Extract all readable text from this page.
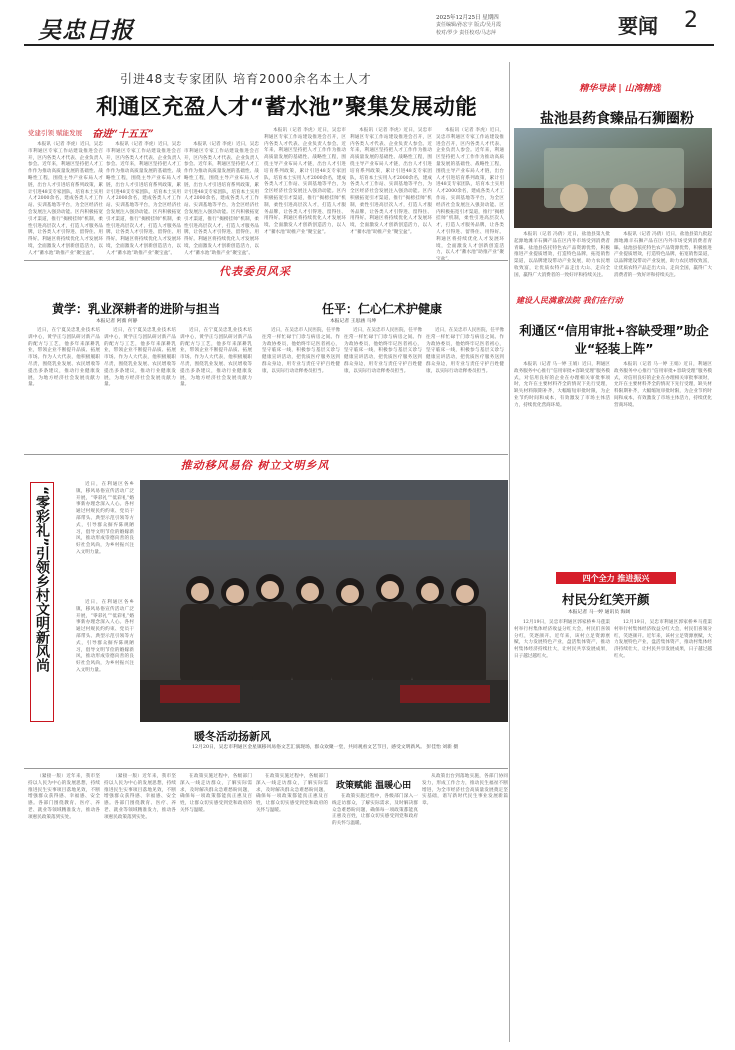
吴忠日报	2025年12月25日 星期四
责任编辑/孙宏宇 版式/吴月霞
校对/罗少 责任校对/马志萍	要闻 2
引进48支专家团队 培育2000余名本土人才
利通区充盈人才“蓄水池”聚集发展动能
党建引领 赋能发展 奋进“十五五”

本报讯（记者 李虎）近日，吴忠市利通区专家工作站建设推进会召开，区内各类人才代表、企业负责人参会。近年来，利通区坚持把人才工作作为推动高质量发展的基础性、战略性工程，围绕主导产业布局人才链，出台人才引进培育系列政策，累计引进48支专家团队，培育本土实用人才2000余名，建成各类人才工作站、实训基地等平台，为全区经济社会发展注入强劲动能。区内积极拓宽引才渠道，推行“揭榜挂帅”机制，柔性引进高层次人才，打造人才服务品牌，让各类人才引得进、留得住、用得好。利通区将持续优化人才发展环境，全面激发人才创新创造活力，以人才“蓄水池”助推产业“聚宝盆”。

本报讯（记者 李虎）近日，吴忠市利通区专家工作站建设推进会召开，区内各类人才代表、企业负责人参会。近年来，利通区坚持把人才工作作为推动高质量发展的基础性、战略性工程，围绕主导产业布局人才链，出台人才引进培育系列政策，累计引进48支专家团队，培育本土实用人才2000余名，建成各类人才工作站、实训基地等平台，为全区经济社会发展注入强劲动能。区内积极拓宽引才渠道，推行“揭榜挂帅”机制，柔性引进高层次人才，打造人才服务品牌，让各类人才引得进、留得住、用得好。利通区将持续优化人才发展环境，全面激发人才创新创造活力，以人才“蓄水池”助推产业“聚宝盆”。

本报讯（记者 李虎）近日，吴忠市利通区专家工作站建设推进会召开，区内各类人才代表、企业负责人参会。近年来，利通区坚持把人才工作作为推动高质量发展的基础性、战略性工程，围绕主导产业布局人才链，出台人才引进培育系列政策，累计引进48支专家团队，培育本土实用人才2000余名，建成各类人才工作站、实训基地等平台，为全区经济社会发展注入强劲动能。区内积极拓宽引才渠道，推行“揭榜挂帅”机制，柔性引进高层次人才，打造人才服务品牌，让各类人才引得进、留得住、用得好。利通区将持续优化人才发展环境，全面激发人才创新创造活力，以人才“蓄水池”助推产业“聚宝盆”。

本报讯（记者 李虎）近日，吴忠市利通区专家工作站建设推进会召开，区内各类人才代表、企业负责人参会。近年来，利通区坚持把人才工作作为推动高质量发展的基础性、战略性工程，围绕主导产业布局人才链，出台人才引进培育系列政策，累计引进48支专家团队，培育本土实用人才2000余名，建成各类人才工作站、实训基地等平台，为全区经济社会发展注入强劲动能。区内积极拓宽引才渠道，推行“揭榜挂帅”机制，柔性引进高层次人才，打造人才服务品牌，让各类人才引得进、留得住、用得好。利通区将持续优化人才发展环境，全面激发人才创新创造活力，以人才“蓄水池”助推产业“聚宝盆”。

本报讯（记者 李虎）近日，吴忠市利通区专家工作站建设推进会召开，区内各类人才代表、企业负责人参会。近年来，利通区坚持把人才工作作为推动高质量发展的基础性、战略性工程，围绕主导产业布局人才链，出台人才引进培育系列政策，累计引进48支专家团队，培育本土实用人才2000余名，建成各类人才工作站、实训基地等平台，为全区经济社会发展注入强劲动能。区内积极拓宽引才渠道，推行“揭榜挂帅”机制，柔性引进高层次人才，打造人才服务品牌，让各类人才引得进、留得住、用得好。利通区将持续优化人才发展环境，全面激发人才创新创造活力，以人才“蓄水池”助推产业“聚宝盆”。

本报讯（记者 李虎）近日，吴忠市利通区专家工作站建设推进会召开，区内各类人才代表、企业负责人参会。近年来，利通区坚持把人才工作作为推动高质量发展的基础性、战略性工程，围绕主导产业布局人才链，出台人才引进培育系列政策，累计引进48支专家团队，培育本土实用人才2000余名，建成各类人才工作站、实训基地等平台，为全区经济社会发展注入强劲动能。区内积极拓宽引才渠道，推行“揭榜挂帅”机制，柔性引进高层次人才，打造人才服务品牌，让各类人才引得进、留得住、用得好。利通区将持续优化人才发展环境，全面激发人才创新创造活力，以人才“蓄水池”助推产业“聚

精华导读 | 山湾精选
盐池县药食臻品石狮圈粉

本报讯（记者 冯倩）近日，盐池县第九批起源地滩羊石狮产品在区内外市场受到消费者青睐。盐池县依托特色农产品资源优势，积极推进产业提质增效，打造特色品牌，拓宽销售渠道，以品牌建设带动产业发展，助力农民增收致富，让优质农特产品走出大山、走向全国，赢得广大消费者的一致好评和持续关注。

本报讯（记者 冯倩）近日，盐池县第九批起源地滩羊石狮产品在区内外市场受到消费者青睐。盐池县依托特色农产品资源优势，积极推进产业提质增效，打造特色品牌，拓宽销售渠道，以品牌建设带动产业发展，助力农民增收致富，让优质农特产品走出大山、走向全国，赢得广大消费者的一致好评和持续关注。

代表委员风采
黄学：乳业深耕者的进阶与担当
本报记者 阿薇 何静

近日，在宁夏吴忠乳业技术培训中心，黄学正与团队研讨新产品的配方与工艺，他多年来深耕乳业，带领企业不断提升品质、拓展市场。作为人大代表，他积极履职尽责，围绕乳业发展、农民增收等提出多条建议，推动行业健康发展，为地方经济社会发展贡献力量。

近日，在宁夏吴忠乳业技术培训中心，黄学正与团队研讨新产品的配方与工艺，他多年来深耕乳业，带领企业不断提升品质、拓展市场。作为人大代表，他积极履职尽责，围绕乳业发展、农民增收等提出多条建议，推动行业健康发展，为地方经济社会发展贡献力量。

近日，在宁夏吴忠乳业技术培训中心，黄学正与团队研讨新产品的配方与工艺，他多年来深耕乳业，带领企业不断提升品质、拓展市场。作为人大代表，他积极履职尽责，围绕乳业发展、农民增收等提出多条建议，推动行业健康发展，为地方经济社会发展贡献力量。

任平：仁心仁术护健康
本报记者 王思涵 马坤

近日，在吴忠市人民医院，任平像往常一样忙碌于门诊与病房之间。作为政协委员，他始终牢记医者初心，坚守临床一线，积极参与基层义诊与健康宣讲活动，把优质医疗服务送到群众身边，用专业与责任守护百姓健康，以实际行动诠释委员担当。

近日，在吴忠市人民医院，任平像往常一样忙碌于门诊与病房之间。作为政协委员，他始终牢记医者初心，坚守临床一线，积极参与基层义诊与健康宣讲活动，把优质医疗服务送到群众身边，用专业与责任守护百姓健康，以实际行动诠释委员担当。

近日，在吴忠市人民医院，任平像往常一样忙碌于门诊与病房之间。作为政协委员，他始终牢记医者初心，坚守临床一线，积极参与基层义诊与健康宣讲活动，把优质医疗服务送到群众身边，用专业与责任守护百姓健康，以实际行动诠释委员担当。

建设人民满意法院 我们在行动
利通区“信用审批+容缺受理”助企业“轻装上阵”

本报讯（记者 马一婷 王娟）近日，利通区政务服务中心推行“信用审批+容缺受理”服务模式，对信用良好的企业在办理相关审批事项时，允许在主要材料齐全的情况下先行受理，缺失材料限期补齐，大幅缩短审批时限，为企业节约时间和成本，有效激发了市场主体活力，持续优化营商环境。

本报讯（记者 马一婷 王娟）近日，利通区政务服务中心推行“信用审批+容缺受理”服务模式，对信用良好的企业在办理相关审批事项时，允许在主要材料齐全的情况下先行受理，缺失材料限期补齐，大幅缩短审批时限，为企业节约时间和成本，有效激发了市场主体活力，持续优化营商环境。

推动移风易俗 树立文明乡风
“零彩礼”引领乡村文明新风尚

近日，在利通区各乡镇，移风易俗宣传活动广泛开展，“零彩礼”“低彩礼”婚事新办理念深入人心。各村通过村规民约约束、党员干部带头、典型示范引领等方式，引导群众摒弃陈规陋习，倡导文明节俭的婚嫁新风，推动形成崇德向善的良好社会风尚，为乡村振兴注入文明力量。

近日，在利通区各乡镇，移风易俗宣传活动广泛开展，“零彩礼”“低彩礼”婚事新办理念深入人心。各村通过村规民约约束、党员干部带头、典型示范引领等方式，引导群众摒弃陈规陋习，倡导文明节俭的婚嫁新风，推动形成崇德向善的良好社会风尚，为乡村振兴注入文明力量。

暖冬活动扬新风
12月20日，吴忠市利通区金星镇移风易俗文艺汇演现场，群众欢聚一堂，共同观看文艺节目，感受文明新风。 彭佳怡 刘新 摄
四个全力 推进振兴
村民分红笑开颜
本报记者 马一婷 通讯员 海阔

12月19日，吴忠市利通区郭家桥乡马莲渠村举行村集体经济收益分红大会，村民们喜领分红，笑逐颜开。近年来，该村立足资源禀赋，大力发展特色产业，盘活集体资产，推动村集体经济持续壮大，让村民共享发展成果，日子越过越红火。

12月19日，吴忠市利通区郭家桥乡马莲渠村举行村集体经济收益分红大会，村民们喜领分红，笑逐颜开。近年来，该村立足资源禀赋，大力发展特色产业，盘活集体资产，推动村集体经济持续壮大，让村民共享发展成果，日子越过越红火。

（紧接一版）近年来，我市坚持以人民为中心的发展思想，持续推进民生实事项目落地见效，不断增强群众获得感、幸福感、安全感。各部门围绕教育、医疗、养老、就业等领域精准发力，推动各项惠民政策落到实处。

（紧接一版）近年来，我市坚持以人民为中心的发展思想，持续推进民生实事项目落地见效，不断增强群众获得感、幸福感、安全感。各部门围绕教育、医疗、养老、就业等领域精准发力，推动各项惠民政策落到实处。

在政策实施过程中，各级部门深入一线走访群众，了解实际需求，及时解决群众急难愁盼问题，确保每一项政策都能真正惠及百姓，让群众切实感受到党和政府的关怀与温暖。

在政策实施过程中，各级部门深入一线走访群众，了解实际需求，及时解决群众急难愁盼问题，确保每一项政策都能真正惠及百姓，让群众切实感受到党和政府的关怀与温暖。

政策赋能 温暖心田

在政策实施过程中，各级部门深入一线走访群众，了解实际需求，及时解决群众急难愁盼问题，确保每一项政策都能真正惠及百姓，让群众切实感受到党和政府的关怀与温暖。

从政策出台到落地实施，各部门协同发力，形成工作合力，推动民生福祉不断增进，为全市经济社会高质量发展奠定坚实基础，谱写新时代民生事业发展新篇章。
